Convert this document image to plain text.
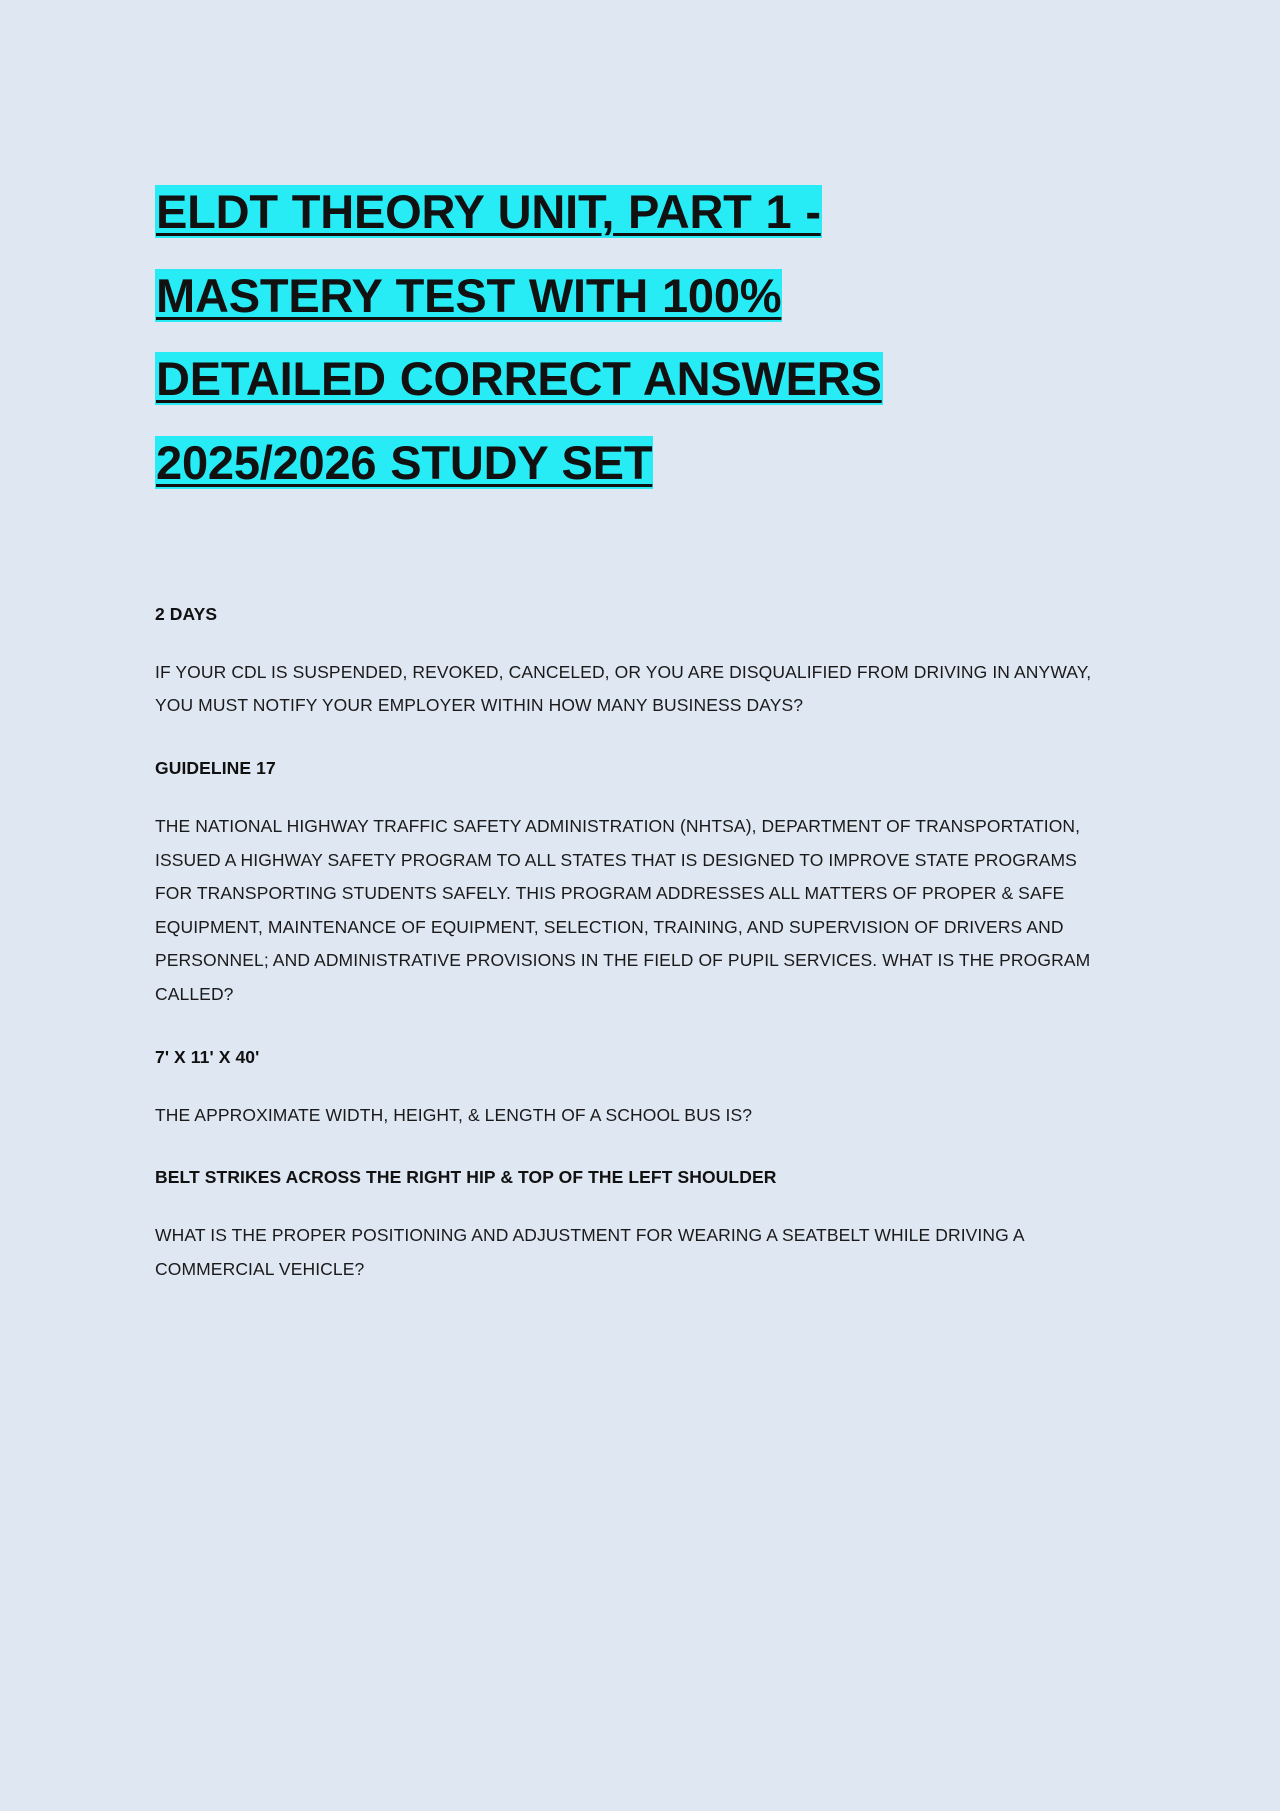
ELDT THEORY UNIT, PART 1 -
MASTERY TEST WITH 100%
DETAILED CORRECT ANSWERS
2025/2026 STUDY SET

2 DAYS

IF YOUR CDL IS SUSPENDED, REVOKED, CANCELED, OR YOU ARE DISQUALIFIED FROM DRIVING IN ANYWAY, YOU MUST NOTIFY YOUR EMPLOYER WITHIN HOW MANY BUSINESS DAYS?

GUIDELINE 17

THE NATIONAL HIGHWAY TRAFFIC SAFETY ADMINISTRATION (NHTSA), DEPARTMENT OF TRANSPORTATION, ISSUED A HIGHWAY SAFETY PROGRAM TO ALL STATES THAT IS DESIGNED TO IMPROVE STATE PROGRAMS FOR TRANSPORTING STUDENTS SAFELY. THIS PROGRAM ADDRESSES ALL MATTERS OF PROPER & SAFE EQUIPMENT, MAINTENANCE OF EQUIPMENT, SELECTION, TRAINING, AND SUPERVISION OF DRIVERS AND PERSONNEL; AND ADMINISTRATIVE PROVISIONS IN THE FIELD OF PUPIL SERVICES. WHAT IS THE PROGRAM CALLED?

7' X 11' X 40'

THE APPROXIMATE WIDTH, HEIGHT, & LENGTH OF A SCHOOL BUS IS?

BELT STRIKES ACROSS THE RIGHT HIP & TOP OF THE LEFT SHOULDER

WHAT IS THE PROPER POSITIONING AND ADJUSTMENT FOR WEARING A SEATBELT WHILE DRIVING A COMMERCIAL VEHICLE?
